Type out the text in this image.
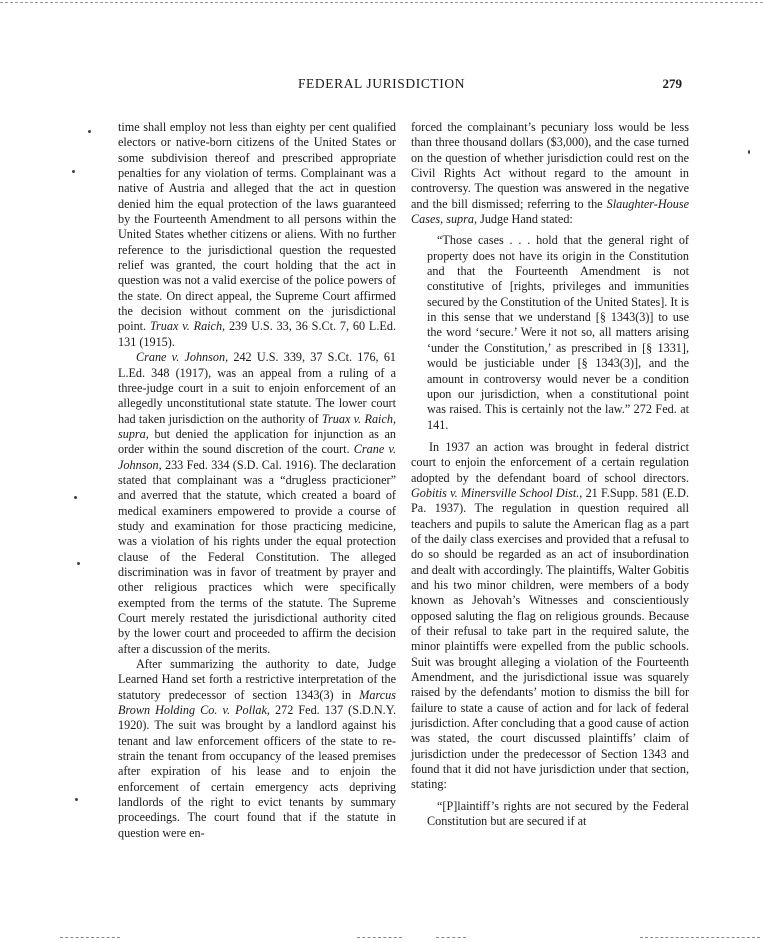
FEDERAL JURISDICTION	279

time shall employ not less than eighty per cent qualified electors or native-born citizens of the United States or some subdivision thereof and prescribed appropriate penalties for any violation of terms. Complainant was a native of Austria and alleged that the act in question denied him the equal protection of the laws guaranteed by the Fourteenth Amendment to all persons within the United States whether citizens or aliens. With no further reference to the jurisdictional question the requested relief was granted, the court holding that the act in question was not a valid exercise of the police powers of the state. On direct appeal, the Supreme Court affirmed the decision without comment on the jurisdictional point. Truax v. Raich, 239 U.S. 33, 36 S.Ct. 7, 60 L.Ed. 131 (1915).

Crane v. Johnson, 242 U.S. 339, 37 S.Ct. 176, 61 L.Ed. 348 (1917), was an appeal from a ruling of a three-judge court in a suit to enjoin enforcement of an allegedly unconstitutional state statute. The lower court had taken jurisdiction on the authority of Truax v. Raich, supra, but denied the application for injunction as an order within the sound discretion of the court. Crane v. Johnson, 233 Fed. 334 (S.D. Cal. 1916). The declaration stated that complainant was a “drugless practicioner” and averred that the statute, which created a board of medical examiners empowered to provide a course of study and examination for those practicing medicine, was a violation of his rights under the equal protection clause of the Federal Constitution. The alleged discrimination was in favor of treatment by prayer and other religious practices which were specifically exempted from the terms of the statute. The Supreme Court merely restated the jurisdictional authority cited by the lower court and proceeded to affirm the decision after a discussion of the merits.

After summarizing the authority to date, Judge Learned Hand set forth a restrictive interpretation of the statutory predecessor of section 1343(3) in Marcus Brown Holding Co. v. Pollak, 272 Fed. 137 (S.D.N.Y. 1920). The suit was brought by a landlord against his tenant and law enforcement officers of the state to restrain the tenant from occupancy of the leased premises after expiration of his lease and to enjoin the enforcement of certain emergency acts depriving landlords of the right to evict tenants by summary proceedings. The court found that if the statute in question were en-

forced the complainant’s pecuniary loss would be less than three thousand dollars ($3,000), and the case turned on the question of whether jurisdiction could rest on the Civil Rights Act without regard to the amount in controversy. The question was answered in the negative and the bill dismissed; referring to the Slaughter-House Cases, supra, Judge Hand stated:

“Those cases . . . hold that the general right of property does not have its origin in the Constitution and that the Fourteenth Amendment is not constitutive of [rights, privileges and immunities secured by the Constitution of the United States]. It is in this sense that we understand [§ 1343(3)] to use the word ‘secure.’ Were it not so, all matters arising ‘under the Constitution,’ as prescribed in [§ 1331], would be justiciable under [§ 1343(3)], and the amount in controversy would never be a condition upon our jurisdiction, when a constitutional point was raised. This is certainly not the law.” 272 Fed. at 141.

In 1937 an action was brought in federal district court to enjoin the enforcement of a certain regulation adopted by the defendant board of school directors. Gobitis v. Minersville School Dist., 21 F.Supp. 581 (E.D. Pa. 1937). The regulation in question required all teachers and pupils to salute the American flag as a part of the daily class exercises and provided that a refusal to do so should be regarded as an act of insubordination and dealt with accordingly. The plaintiffs, Walter Gobitis and his two minor children, were members of a body known as Jehovah’s Witnesses and conscientiously opposed saluting the flag on religious grounds. Because of their refusal to take part in the required salute, the minor plaintiffs were expelled from the public schools. Suit was brought alleging a violation of the Fourteenth Amendment, and the jurisdictional issue was squarely raised by the defendants’ motion to dismiss the bill for failure to state a cause of action and for lack of federal jurisdiction. After concluding that a good cause of action was stated, the court discussed plaintiffs’ claim of jurisdiction under the predecessor of Section 1343 and found that it did not have jurisdiction under that section, stating:

“[P]laintiff’s rights are not secured by the Federal Constitution but are secured if at
